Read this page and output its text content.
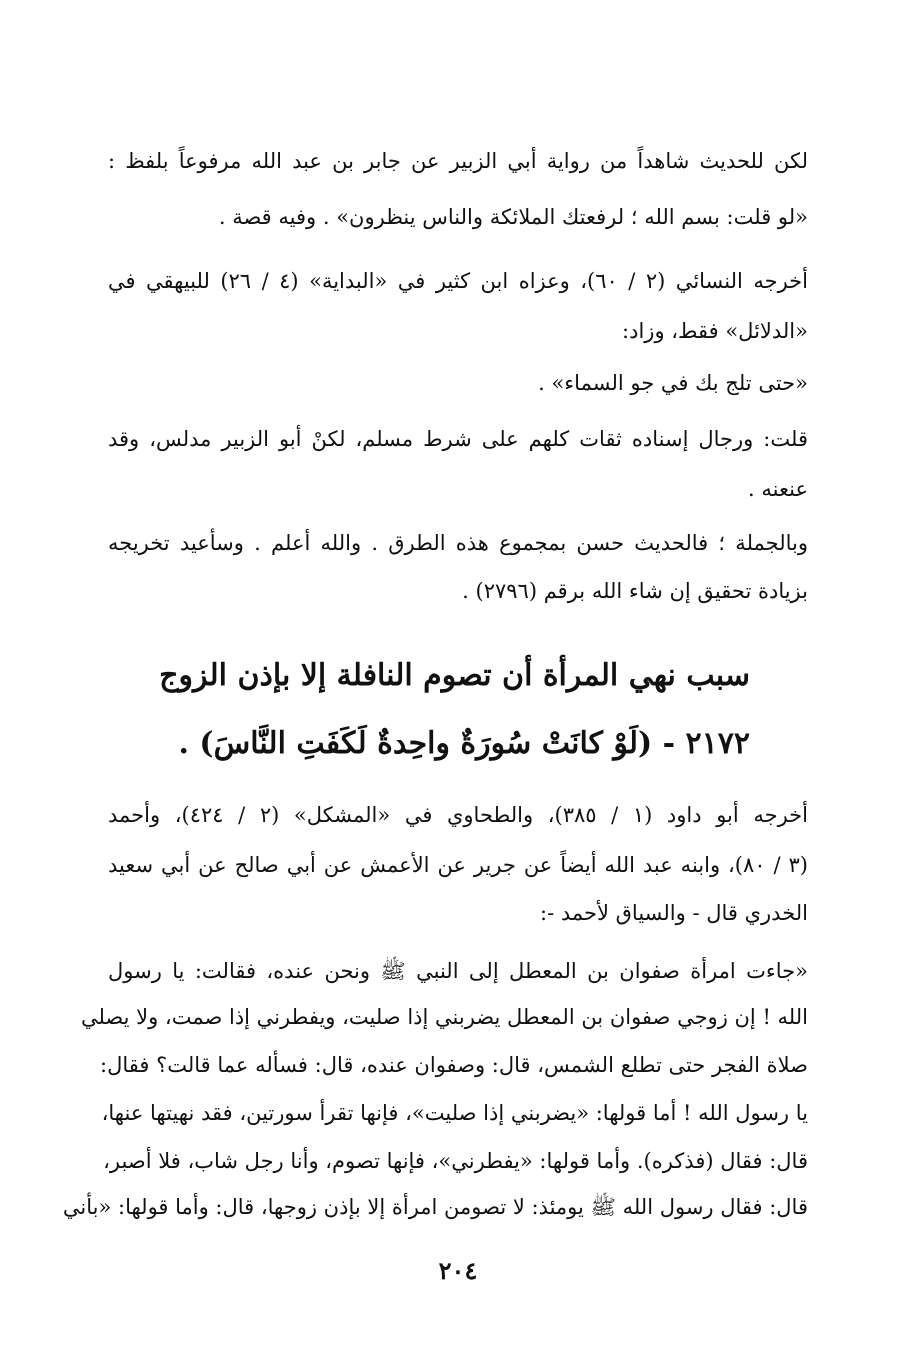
لكن للحديث شاهداً من رواية أبي الزبير عن جابر بن عبد الله مرفوعاً بلفظ :
«لو قلت: بسم الله ؛ لرفعتك الملائكة والناس ينظرون» . وفيه قصة .
أخرجه النسائي (٢ / ٦٠)، وعزاه ابن كثير في «البداية» (٤ / ٢٦) للبيهقي في
«الدلائل» فقط، وزاد:
«حتى تلج بك في جو السماء» .
قلت: ورجال إسناده ثقات كلهم على شرط مسلم، لكنْ أبو الزبير مدلس، وقد
عنعنه .
وبالجملة ؛ فالحديث حسن بمجموع هذه الطرق . والله أعلم . وسأعيد تخريجه
بزيادة تحقيق إن شاء الله برقم (٢٧٩٦) .
سبب نهي المرأة أن تصوم النافلة إلا بإذن الزوج
٢١٧٢ - (لَوْ كانَتْ سُورَةٌ واحِدةٌ لَكَفَتِ النَّاسَ) .
أخرجه أبو داود (١ / ٣٨٥)، والطحاوي في «المشكل» (٢ / ٤٢٤)، وأحمد
(٣ / ٨٠)، وابنه عبد الله أيضاً عن جرير عن الأعمش عن أبي صالح عن أبي سعيد
الخدري قال - والسياق لأحمد -:
«جاءت امرأة صفوان بن المعطل إلى النبي ﷺ ونحن عنده، فقالت: يا رسول
الله ! إن زوجي صفوان بن المعطل يضربني إذا صليت، ويفطرني إذا صمت، ولا يصلي
صلاة الفجر حتى تطلع الشمس، قال: وصفوان عنده، قال: فسأله عما قالت؟ فقال:
يا رسول الله ! أما قولها: «يضربني إذا صليت»، فإنها تقرأ سورتين، فقد نهيتها عنها،
قال: فقال (فذكره). وأما قولها: «يفطرني»، فإنها تصوم، وأنا رجل شاب، فلا أصبر،
قال: فقال رسول الله ﷺ يومئذ: لا تصومن امرأة إلا بإذن زوجها، قال: وأما قولها: «بأني
٢٠٤
